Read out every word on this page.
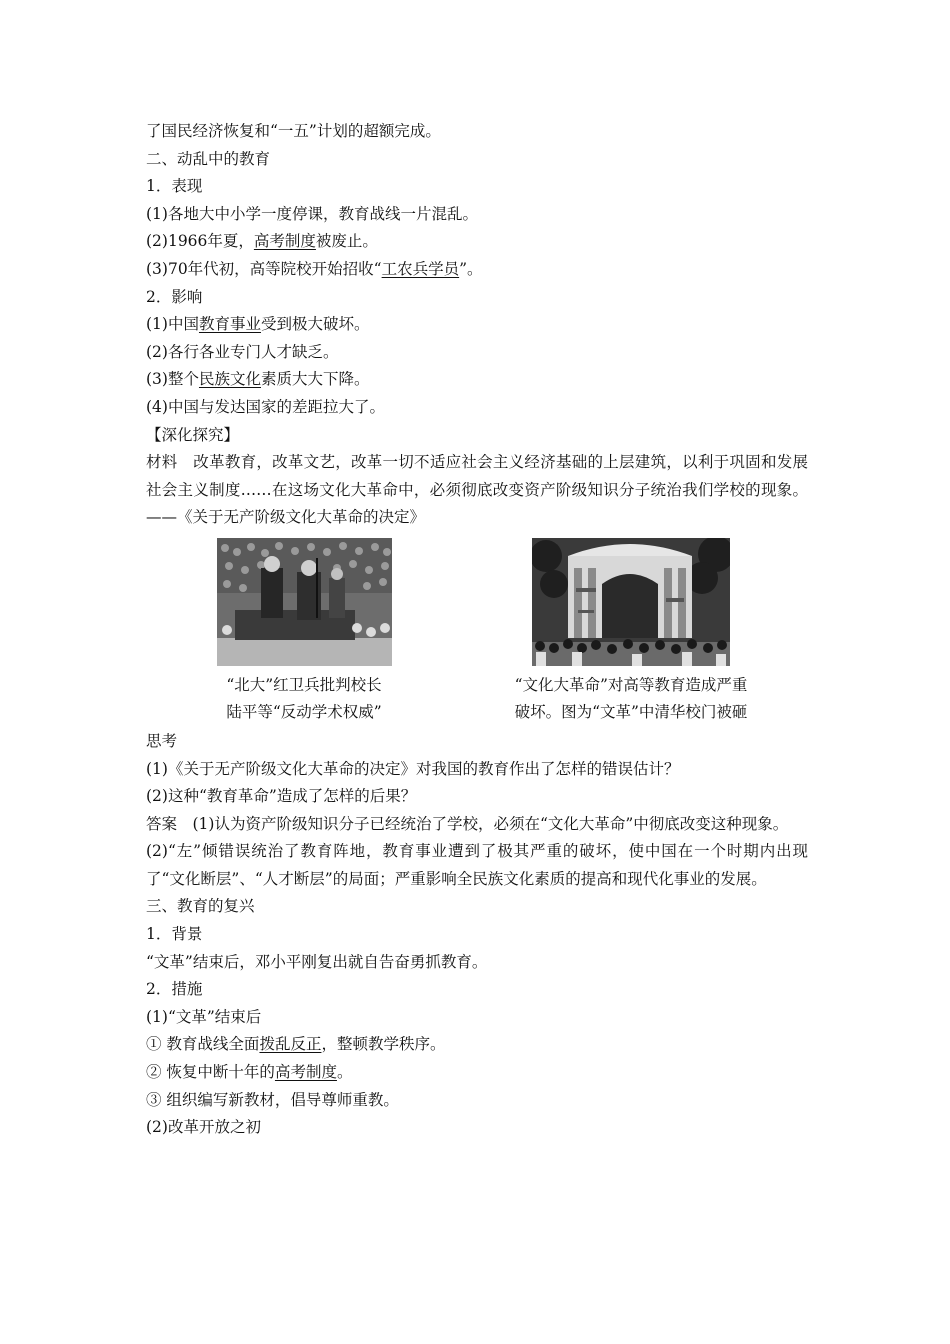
了国民经济恢复和“一五”计划的超额完成。
二、动乱中的教育
1．表现
(1)各地大中小学一度停课，教育战线一片混乱。
(2)1966年夏，高考制度被废止。
(3)70年代初，高等院校开始招收“工农兵学员”。
2．影响
(1)中国教育事业受到极大破坏。
(2)各行各业专门人才缺乏。
(3)整个民族文化素质大大下降。
(4)中国与发达国家的差距拉大了。
【深化探究】
材料　改革教育，改革文艺，改革一切不适应社会主义经济基础的上层建筑，以利于巩固和发展社会主义制度……在这场文化大革命中，必须彻底改变资产阶级知识分子统治我们学校的现象。——《关于无产阶级文化大革命的决定》
“北大”红卫兵批判校长
陆平等“反动学术权威”
“文化大革命”对高等教育造成严重
破坏。图为“文革”中清华校门被砸
思考
(1)《关于无产阶级文化大革命的决定》对我国的教育作出了怎样的错误估计？
(2)这种“教育革命”造成了怎样的后果？
答案　(1)认为资产阶级知识分子已经统治了学校，必须在“文化大革命”中彻底改变这种现象。
(2)“左”倾错误统治了教育阵地，教育事业遭到了极其严重的破坏，使中国在一个时期内出现了“文化断层”、“人才断层”的局面；严重影响全民族文化素质的提高和现代化事业的发展。
三、教育的复兴
1．背景
“文革”结束后，邓小平刚复出就自告奋勇抓教育。
2．措施
(1)“文革”结束后
① 教育战线全面拨乱反正，整顿教学秩序。
② 恢复中断十年的高考制度。
③ 组织编写新教材，倡导尊师重教。
(2)改革开放之初
